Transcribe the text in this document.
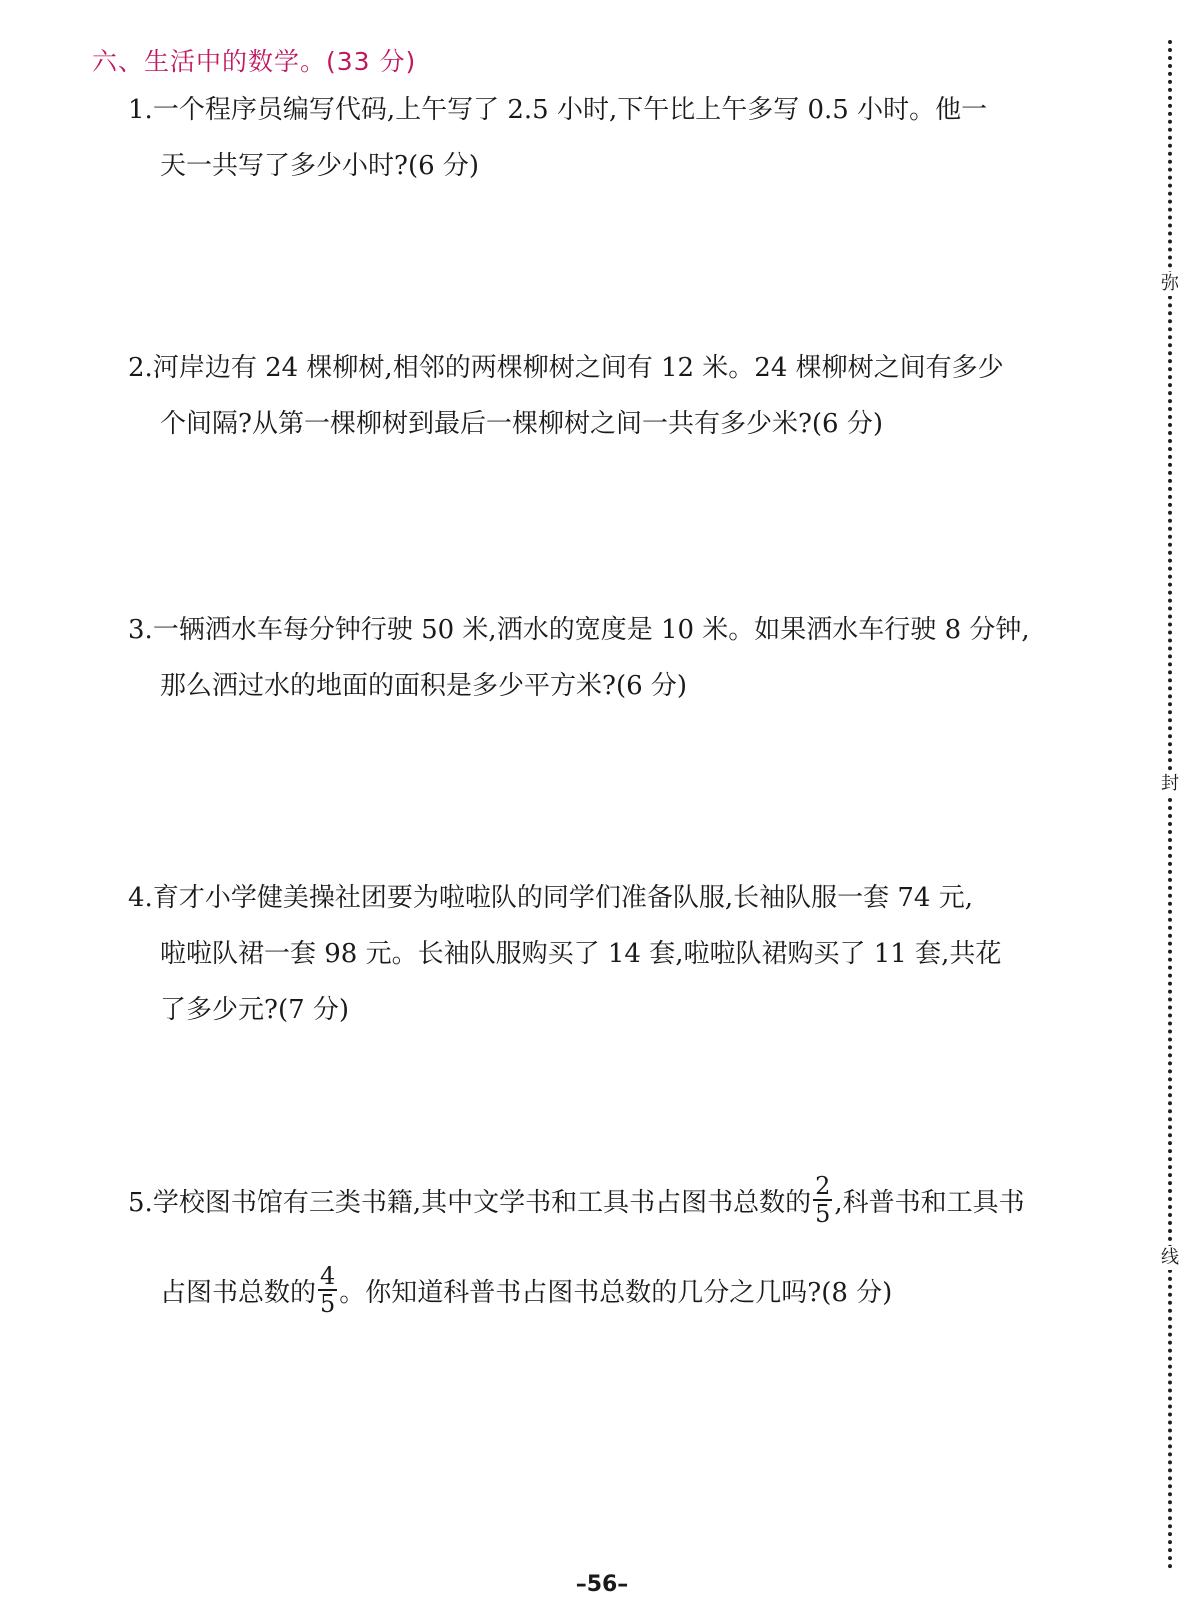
六、生活中的数学。(33 分)
1.一个程序员编写代码,上午写了 2.5 小时,下午比上午多写 0.5 小时。他一
天一共写了多少小时?(6 分)
2.河岸边有 24 棵柳树,相邻的两棵柳树之间有 12 米。24 棵柳树之间有多少
个间隔?从第一棵柳树到最后一棵柳树之间一共有多少米?(6 分)
3.一辆洒水车每分钟行驶 50 米,洒水的宽度是 10 米。如果洒水车行驶 8 分钟,
那么洒过水的地面的面积是多少平方米?(6 分)
4.育才小学健美操社团要为啦啦队的同学们准备队服,长袖队服一套 74 元,
啦啦队裙一套 98 元。长袖队服购买了 14 套,啦啦队裙购买了 11 套,共花
了多少元?(7 分)
5.学校图书馆有三类书籍,其中文学书和工具书占图书总数的 $\frac{2}{5}$ ,科普书和工具书
占图书总数的 $\frac{4}{5}$ 。你知道科普书占图书总数的几分之几吗?(8 分)
弥
封
线
–56–
